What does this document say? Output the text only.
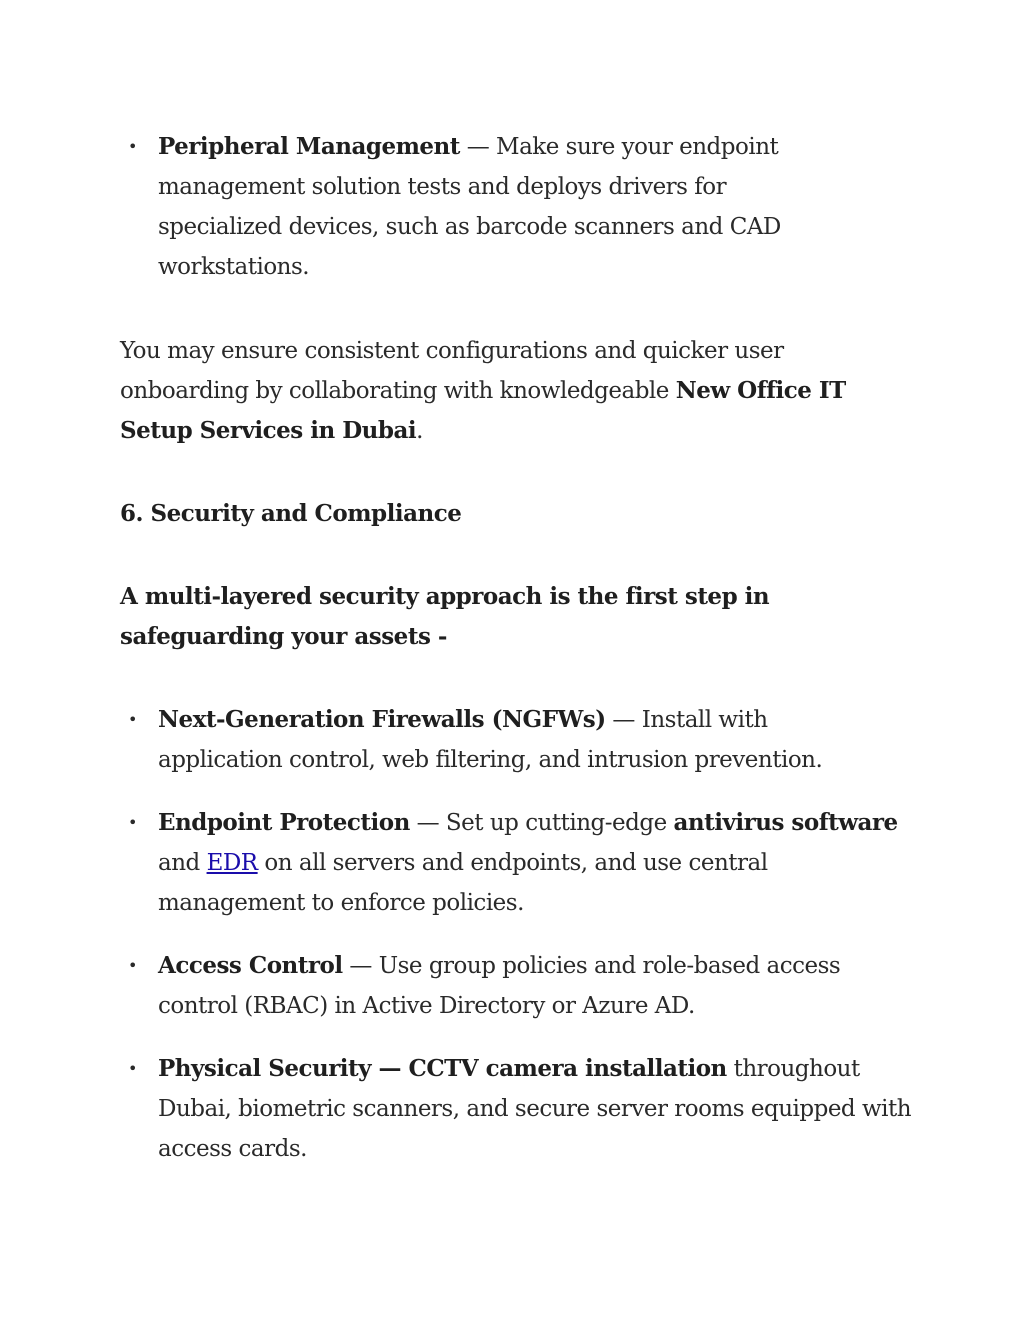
• Peripheral Management — Make sure your endpoint management solution tests and deploys drivers for specialized devices, such as barcode scanners and CAD workstations.

You may ensure consistent configurations and quicker user onboarding by collaborating with knowledgeable New Office IT Setup Services in Dubai.

6. Security and Compliance
A multi-layered security approach is the first step in safeguarding your assets -
• Next-Generation Firewalls (NGFWs) — Install with application control, web filtering, and intrusion prevention.
• Endpoint Protection — Set up cutting-edge antivirus software and EDR on all servers and endpoints, and use central management to enforce policies.
• Access Control — Use group policies and role-based access control (RBAC) in Active Directory or Azure AD.
• Physical Security — CCTV camera installation throughout Dubai, biometric scanners, and secure server rooms equipped with access cards.
